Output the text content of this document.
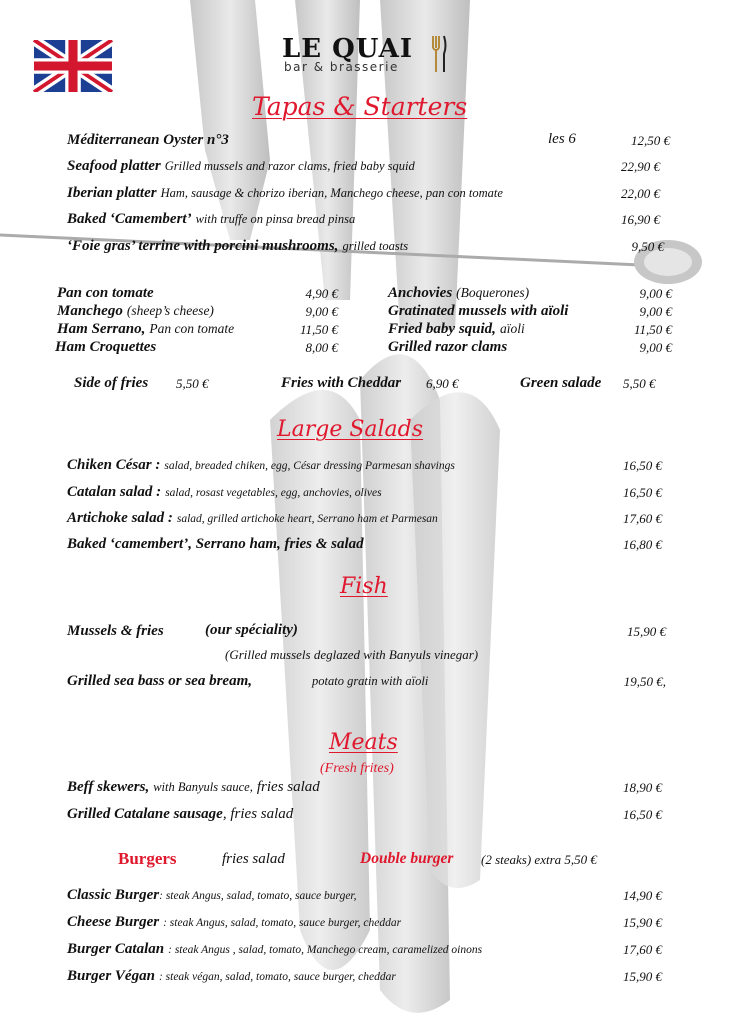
LE QUAI
bar & brasserie
Tapas & Starters
Méditerranean Oyster n°3	les 6	12,50 €
Seafood platter Grilled mussels and razor clams, fried baby squid	22,90 €
Iberian platter Ham, sausage & chorizo iberian, Manchego cheese, pan con tomate	22,00 €
Baked ‘Camembert’ with truffe on pinsa bread pinsa	16,90 €
‘Foie gras’ terrine with porcini mushrooms, grilled toasts	9,50 €
Pan con tomate	4,90 €
Manchego (sheep’s cheese)	9,00 €
Ham Serrano, Pan con tomate	11,50 €
Ham Croquettes	8,00 €
Anchovies (Boquerones)	9,00 €
Gratinated mussels with aïoli	9,00 €
Fried baby squid, aïoli	11,50 €
Grilled razor clams	9,00 €
Side of fries 5,50 €	Fries with Cheddar 6,90 €	Green salade 5,50 €
Large Salads
Chiken César : salad, breaded chiken, egg, César dressing Parmesan shavings	16,50 €
Catalan salad : salad, rosast vegetables, egg, anchovies, olives	16,50 €
Artichoke salad : salad, grilled artichoke heart, Serrano ham et Parmesan	17,60 €
Baked ‘camembert’, Serrano ham, fries & salad	16,80 €
Fish
Mussels & fries	(our spéciality)	15,90 €
(Grilled mussels deglazed with Banyuls vinegar)
Grilled sea bass or sea bream,	potato gratin with aïoli	19,50 €,
Meats
(Fresh frites)
Beff skewers, with Banyuls sauce, fries salad	18,90 €
Grilled Catalane sausage, fries salad	16,50 €
Burgers	fries salad	Double burger (2 steaks) extra 5,50 €
Classic Burger: steak Angus, salad, tomato, sauce burger,	14,90 €
Cheese Burger : steak Angus, salad, tomato, sauce burger, cheddar	15,90 €
Burger Catalan : steak Angus , salad, tomato, Manchego cream, caramelized oinons	17,60 €
Burger Végan : steak végan, salad, tomato, sauce burger, cheddar	15,90 €
